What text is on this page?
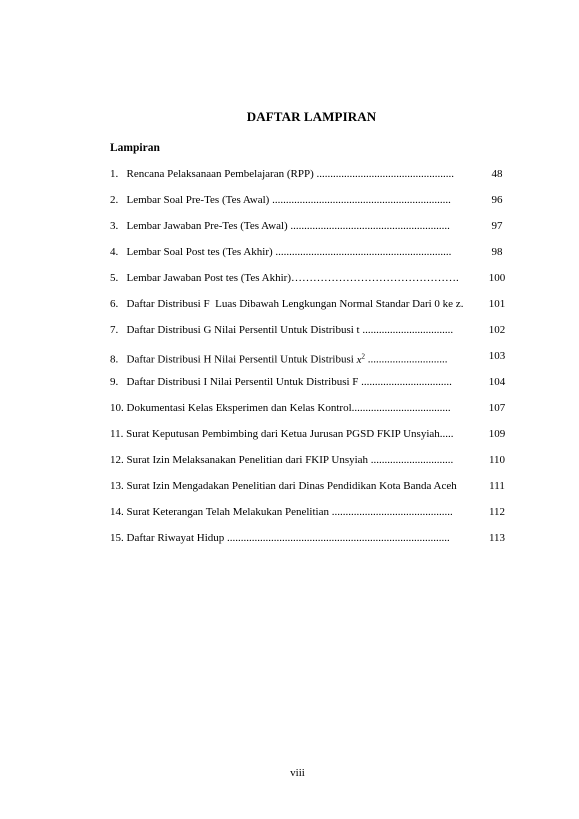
DAFTAR LAMPIRAN
Lampiran
1.   Rencana Pelaksanaan Pembelajaran (RPP) ..................................................	48
2.   Lembar Soal Pre-Tes (Tes Awal) .................................................................	96
3.   Lembar Jawaban Pre-Tes (Tes Awal) ..........................................................	97
4.   Lembar Soal Post tes (Tes Akhir) ................................................................	98
5.   Lembar Jawaban Post tes (Tes Akhir)……………………………………….	100
6.   Daftar Distribusi F  Luas Dibawah Lengkungan Normal Standar Dari 0 ke z.	101
7.   Daftar Distribusi G Nilai Persentil Untuk Distribusi t .................................	102
8.   Daftar Distribusi H Nilai Persentil Untuk Distribusi $x^2$ .............................	103
9.   Daftar Distribusi I Nilai Persentil Untuk Distribusi F .................................	104
10. Dokumentasi Kelas Eksperimen dan Kelas Kontrol....................................	107
11. Surat Keputusan Pembimbing dari Ketua Jurusan PGSD FKIP Unsyiah.....	109
12. Surat Izin Melaksanakan Penelitian dari FKIP Unsyiah ..............................	110
13. Surat Izin Mengadakan Penelitian dari Dinas Pendidikan Kota Banda Aceh	111
14. Surat Keterangan Telah Melakukan Penelitian ............................................	112
15. Daftar Riwayat Hidup .................................................................................	113
viii
